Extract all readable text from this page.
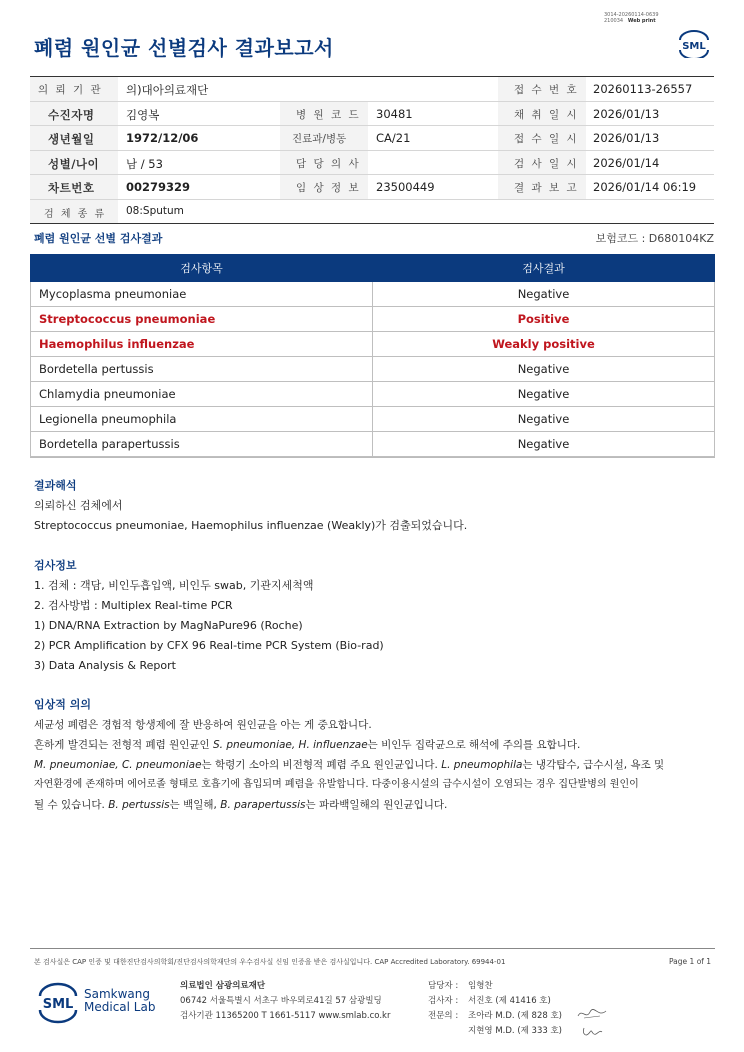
폐렴 원인균 선별검사 결과보고서
3014-20260114-0639
210034 Web print
SML
의 뢰 기 관 의)대아의료재단	접 수 번 호 20260113-26557
수진자명	김영복	병 원 코 드 30481	채 취 일 시 2026/01/13
생년월일	1972/12/06	진료과/병동	CA/21	접 수 일 시 2026/01/13
성별/나이 남 / 53	담 당 의 사	검 사 일 시 2026/01/14
차트번호	00279329	임 상 정 보 23500449	결 과 보 고 2026/01/14 06:19
검 체 종 류 08:Sputum
폐렴 원인균 선별 검사결과	보험코드 : D680104KZ
검사항목	검사결과
Mycoplasma pneumoniae	Negative
Streptococcus pneumoniae	Positive
Haemophilus influenzae	Weakly positive
Bordetella pertussis	Negative
Chlamydia pneumoniae	Negative
Legionella pneumophila	Negative
Bordetella parapertussis	Negative
결과해석
의뢰하신 검체에서
Streptococcus pneumoniae, Haemophilus influenzae (Weakly)가 검출되었습니다.
검사정보
1. 검체 : 객담, 비인두흡입액, 비인두 swab, 기관지세척액
2. 검사방법 : Multiplex Real-time PCR
1) DNA/RNA Extraction by MagNaPure96 (Roche)
2) PCR Amplification by CFX 96 Real-time PCR System (Bio-rad)
3) Data Analysis & Report
임상적 의의
세균성 폐렴은 경험적 항생제에 잘 반응하여 원인균을 아는 게 중요합니다.
흔하게 발견되는 전형적 폐렴 원인균인 S. pneumoniae, H. influenzae는 비인두 집락균으로 해석에 주의를 요합니다.
M. pneumoniae, C. pneumoniae는 학령기 소아의 비전형적 폐렴 주요 원인균입니다. L. pneumophila는 냉각탑수, 급수시설, 욕조 및
자연환경에 존재하며 에어로졸 형태로 호흡기에 흡입되며 폐렴을 유발합니다. 다중이용시설의 급수시설이 오염되는 경우 집단발병의 원인이
될 수 있습니다. B. pertussis는 백일해, B. parapertussis는 파라백일해의 원인균입니다.
본 검사실은 CAP 인증 및 대한진단검사의학회/진단검사의학재단의 우수검사실 신임 인증을 받은 검사실입니다. CAP Accredited Laboratory. 69944-01	Page 1 of 1
SML
Samkwang
Medical Lab
의료법인 삼광의료재단
06742 서울특별시 서초구 바우뫼로41길 57 삼광빌딩
검사기관 11365200 T 1661-5117 www.smlab.co.kr
담당자 : 임형찬
검사자 : 서진호 (제 41416 호)
전문의 : 조아라 M.D. (제 828 호)
지현영 M.D. (제 333 호)
